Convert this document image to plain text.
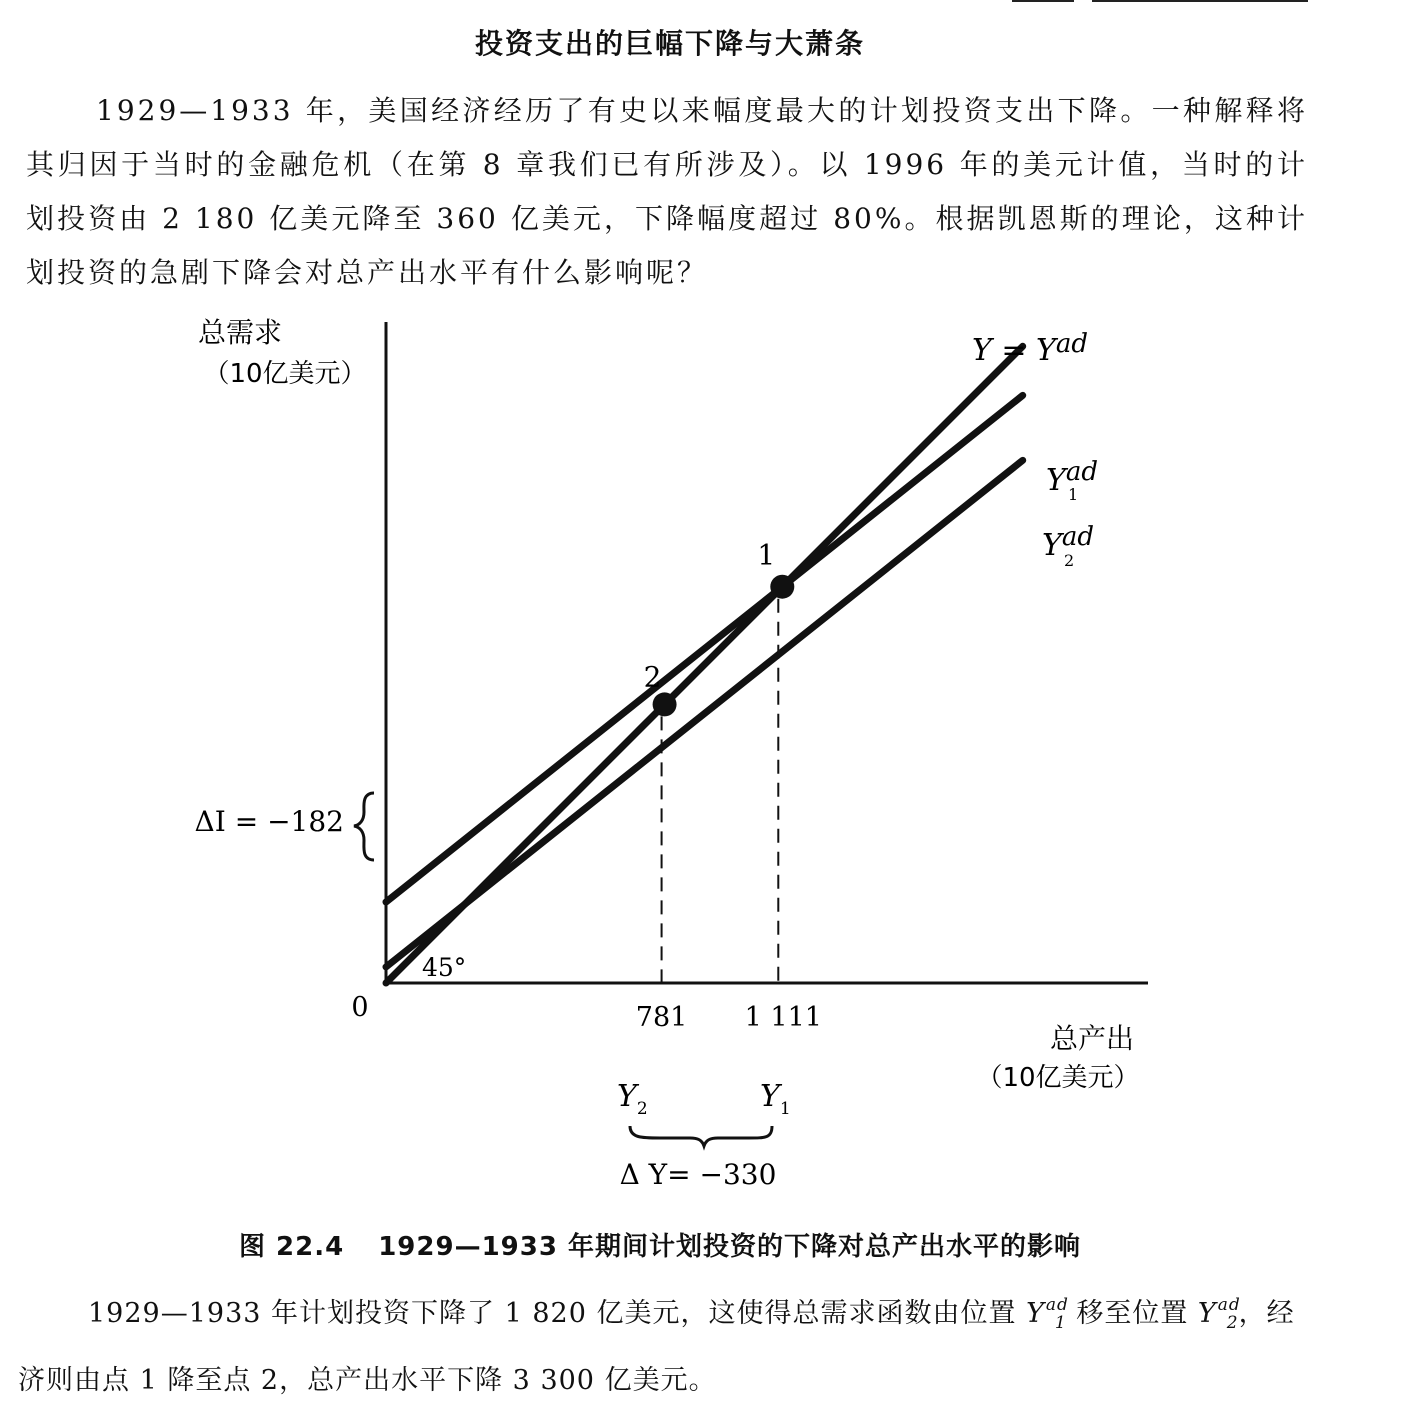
投资支出的巨幅下降与大萧条

1929—1933 年，美国经济经历了有史以来幅度最大的计划投资支出下降。一种解释将其归因于当时的金融危机（在第 8 章我们已有所涉及）。以 1996 年的美元计值，当时的计划投资由 2 180 亿美元降至 360 亿美元，下降幅度超过 80%。根据凯恩斯的理论，这种计划投资的急剧下降会对总产出水平有什么影响呢？

总需求
（10亿美元）
总产出
（10亿美元）
0
45°
1
2
781 1 111
Y = Yad
Yad
1
Yad
2
ΔI = −182
$Y_2$	$Y_1$
Δ Y= −330
图 22.4 1929—1933 年期间计划投资的下降对总产出水平的影响

1929—1933 年计划投资下降了 1 820 亿美元，这使得总需求函数由位置 $Y^{ad}_1$ 移至位置 $Y^{ad}_2$，经济则由点 1 降至点 2，总产出水平下降 3 300 亿美元。
